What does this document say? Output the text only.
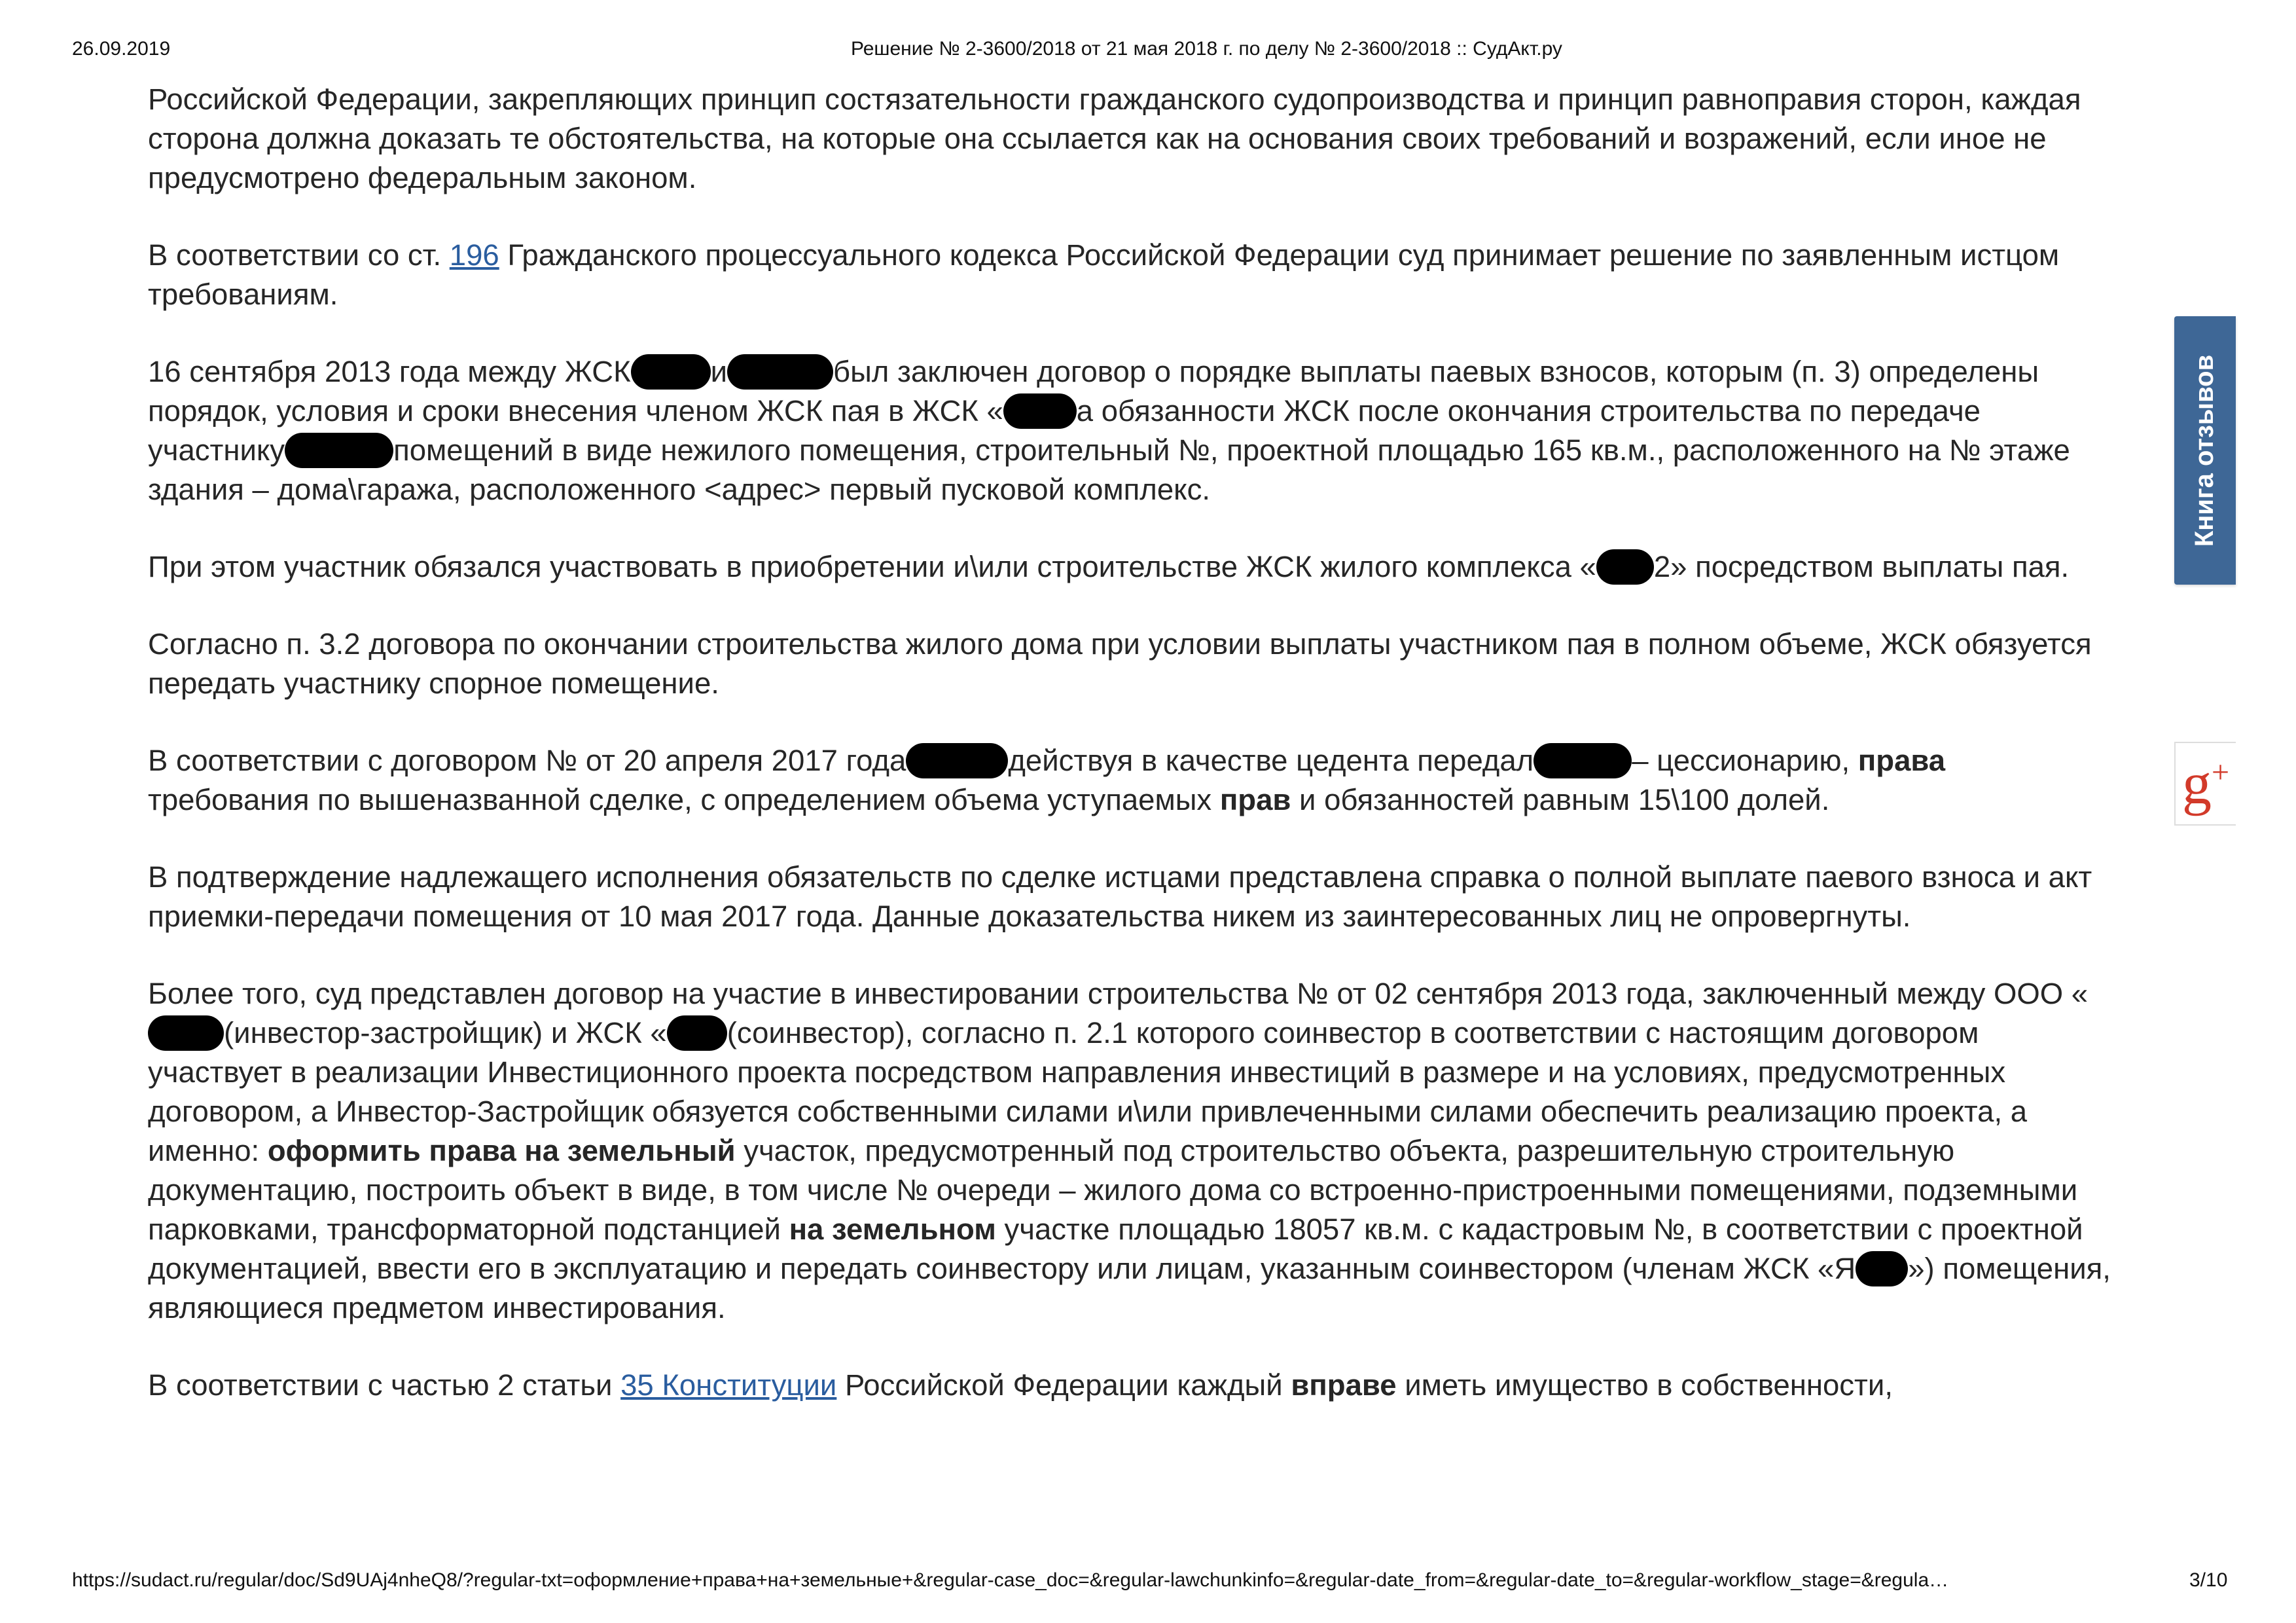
26.09.2019	Решение № 2-3600/2018 от 21 мая 2018 г. по делу № 2-3600/2018 :: СудАкт.ру

Российской Федерации, закрепляющих принцип состязательности гражданского судопроизводства и принцип равноправия сторон, каждая сторона должна доказать те обстоятельства, на которые она ссылается как на основания своих требований и возражений, если иное не предусмотрено федеральным законом.

В соответствии со ст. 196 Гражданского процессуального кодекса Российской Федерации суд принимает решение по заявленным истцом требованиям.

16 сентября 2013 года между ЖСК	и	был заключен договор о порядке выплаты паевых взносов, которым (п. 3) определены порядок, условия и сроки внесения членом ЖСК пая в ЖСК « а обязанности ЖСК после окончания строительства по передаче участнику	помещений в виде нежилого помещения, строительный №, проектной площадью 165 кв.м., расположенного на № этаже здания – дома\гаража, расположенного <адрес> первый пусковой комплекс.

При этом участник обязался участвовать в приобретении и\или строительстве ЖСК жилого комплекса « 2» посредством выплаты пая.

Согласно п. 3.2 договора по окончании строительства жилого дома при условии выплаты участником пая в полном объеме, ЖСК обязуется передать участнику спорное помещение.

В соответствии с договором № от 20 апреля 2017 года	действуя в качестве цедента передал	– цессионарию, права требования по вышеназванной сделке, с определением объема уступаемых прав и обязанностей равным 15\100 долей.

В подтверждение надлежащего исполнения обязательств по сделке истцами представлена справка о полной выплате паевого взноса и акт приемки-передачи помещения от 10 мая 2017 года. Данные доказательства никем из заинтересованных лиц не опровергнуты.

Более того, суд представлен договор на участие в инвестировании строительства № от 02 сентября 2013 года, заключенный между ООО «(инвестор-застройщик) и ЖСК « (соинвестор), согласно п. 2.1 которого соинвестор в соответствии с настоящим договором участвует в реализации Инвестиционного проекта посредством направления инвестиций в размере и на условиях, предусмотренных договором, а Инвестор-Застройщик обязуется собственными силами и\или привлеченными силами обеспечить реализацию проекта, а именно: оформить права на земельный участок, предусмотренный под строительство объекта, разрешительную строительную документацию, построить объект в виде, в том числе № очереди – жилого дома со встроенно-пристроенными помещениями, подземными парковками, трансформаторной подстанцией на земельном участке площадью 18057 кв.м. с кадастровым №, в соответствии с проектной документацией, ввести его в эксплуатацию и передать соинвестору или лицам, указанным соинвестором (членам ЖСК «Я ») помещения, являющиеся предметом инвестирования.

В соответствии с частью 2 статьи 35 Конституции Российской Федерации каждый вправе иметь имущество в собственности,

Книга отзывов
g+
https://sudact.ru/regular/doc/Sd9UAj4nheQ8/?regular-txt=оформление+права+на+земельные+&regular-case_doc=&regular-lawchunkinfo=&regular-date_from=&regular-date_to=&regular-workflow_stage=&regula…	3/10
